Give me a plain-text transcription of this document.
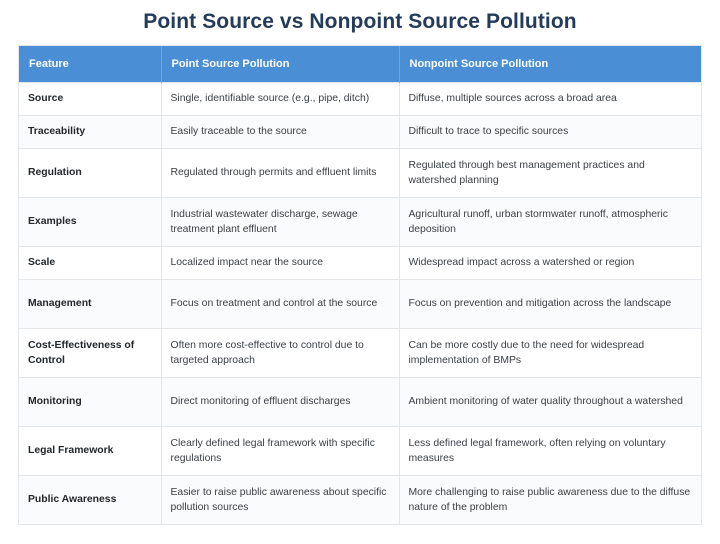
Point Source vs Nonpoint Source Pollution
Feature	Point Source Pollution	Nonpoint Source Pollution
Source	Single, identifiable source (e.g., pipe, ditch)	Diffuse, multiple sources across a broad area
Traceability	Easily traceable to the source	Difficult to trace to specific sources
Regulation	Regulated through permits and effluent limits	Regulated through best management practices and watershed planning
Examples	Industrial wastewater discharge, sewage treatment plant effluent	Agricultural runoff, urban stormwater runoff, atmospheric deposition
Scale	Localized impact near the source	Widespread impact across a watershed or region
Management	Focus on treatment and control at the source	Focus on prevention and mitigation across the landscape
Cost-Effectiveness of Control	Often more cost-effective to control due to targeted approach	Can be more costly due to the need for widespread implementation of BMPs
Monitoring	Direct monitoring of effluent discharges	Ambient monitoring of water quality throughout a watershed
Legal Framework	Clearly defined legal framework with specific regulations	Less defined legal framework, often relying on voluntary measures
Public Awareness	Easier to raise public awareness about specific pollution sources	More challenging to raise public awareness due to the diffuse nature of the problem
